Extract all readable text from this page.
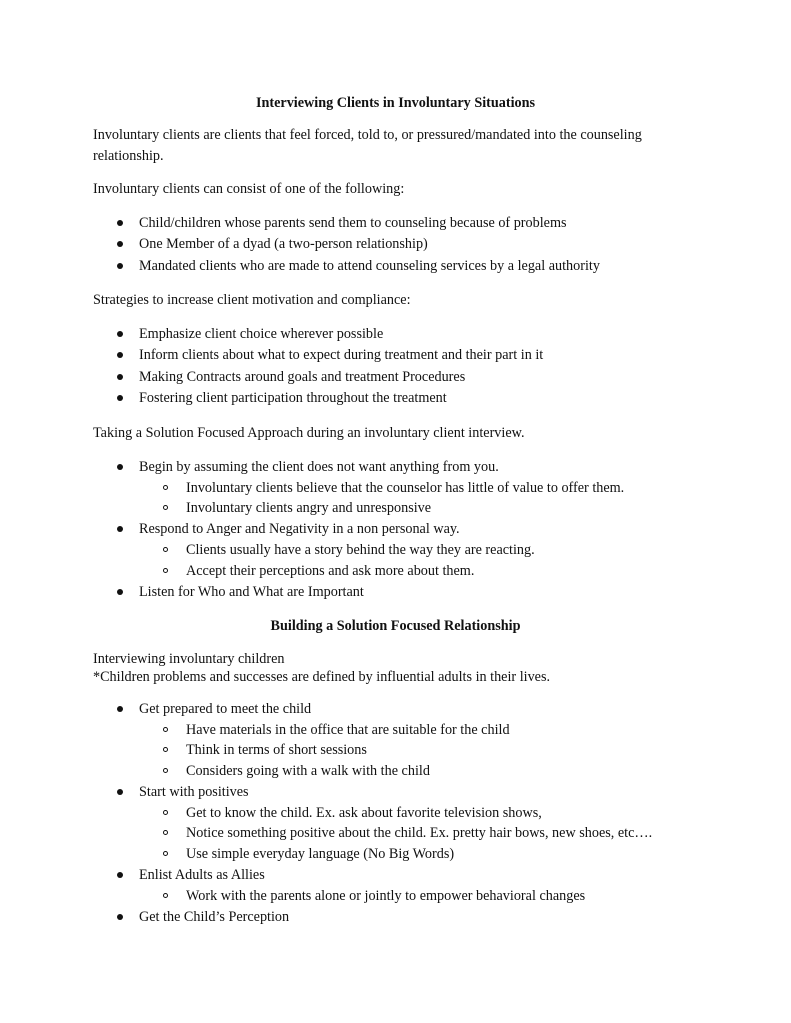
Interviewing Clients in Involuntary Situations

Involuntary clients are clients that feel forced, told to, or pressured/mandated into the counseling relationship.

Involuntary clients can consist of one of the following:
Child/children whose parents send them to counseling because of problems
One Member of a dyad (a two-person relationship)
Mandated clients who are made to attend counseling services by a legal authority
Strategies to increase client motivation and compliance:
Emphasize client choice wherever possible
Inform clients about what to expect during treatment and their part in it
Making Contracts around goals and treatment Procedures
Fostering client participation throughout the treatment
Taking a Solution Focused Approach during an involuntary client interview.
Begin by assuming the client does not want anything from you.
Involuntary clients believe that the counselor has little of value to offer them.
Involuntary clients angry and unresponsive
Respond to Anger and Negativity in a non personal way.
Clients usually have a story behind the way they are reacting.
Accept their perceptions and ask more about them.
Listen for Who and What are Important
Building a Solution Focused Relationship
Interviewing involuntary children
*Children problems and successes are defined by influential adults in their lives.
Get prepared to meet the child
Have materials in the office that are suitable for the child
Think in terms of short sessions
Considers going with a walk with the child
Start with positives
Get to know the child. Ex. ask about favorite television shows,
Notice something positive about the child. Ex. pretty hair bows, new shoes, etc….
Use simple everyday language (No Big Words)
Enlist Adults as Allies
Work with the parents alone or jointly to empower behavioral changes
Get the Child’s Perception
